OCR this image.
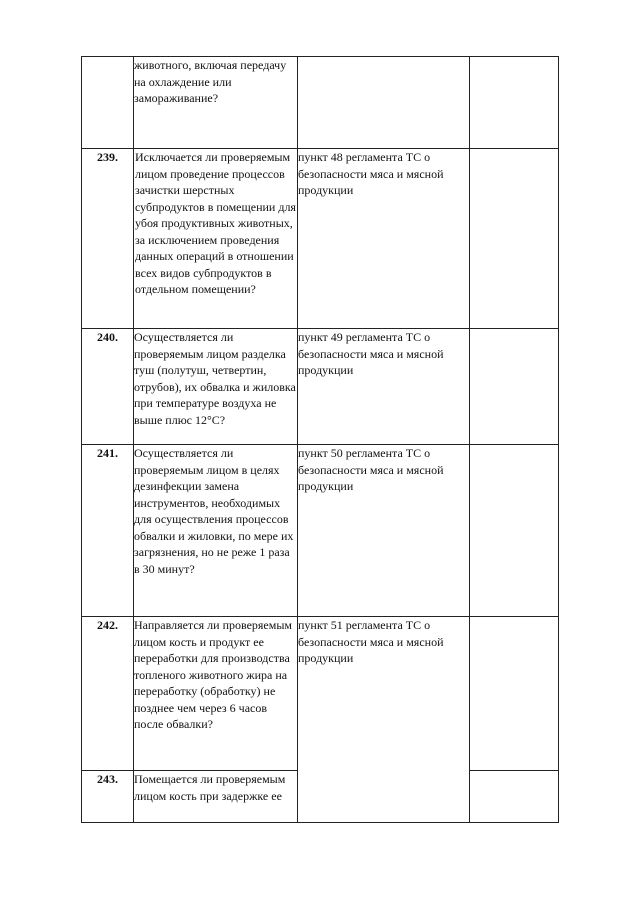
	животного, включая передачу на охлаждение или замораживание?		
239.	Исключается ли проверяемым лицом проведение процессов зачистки шерстных субпродуктов в помещении для убоя продуктивных животных, за исключением проведения данных операций в отношении всех видов субпродуктов в отдельном помещении?	пункт 48 регламента ТС о безопасности мяса и мясной продукции	
240.	Осуществляется ли проверяемым лицом разделка туш (полутуш, четвертин, отрубов), их обвалка и жиловка при температуре воздуха не выше плюс 12°С?	пункт 49 регламента ТС о безопасности мяса и мясной продукции	
241.	Осуществляется ли проверяемым лицом в целях дезинфекции замена инструментов, необходимых для осуществления процессов обвалки и жиловки, по мере их загрязнения, но не реже 1 раза в 30 минут?	пункт 50 регламента ТС о безопасности мяса и мясной продукции	
242.	Направляется ли проверяемым лицом кость и продукт ее переработки для производства топленого животного жира на переработку (обработку) не позднее чем через 6 часов после обвалки?	пункт 51 регламента ТС о безопасности мяса и мясной продукции	
243.	Помещается ли проверяемым лицом кость при задержке ее		
